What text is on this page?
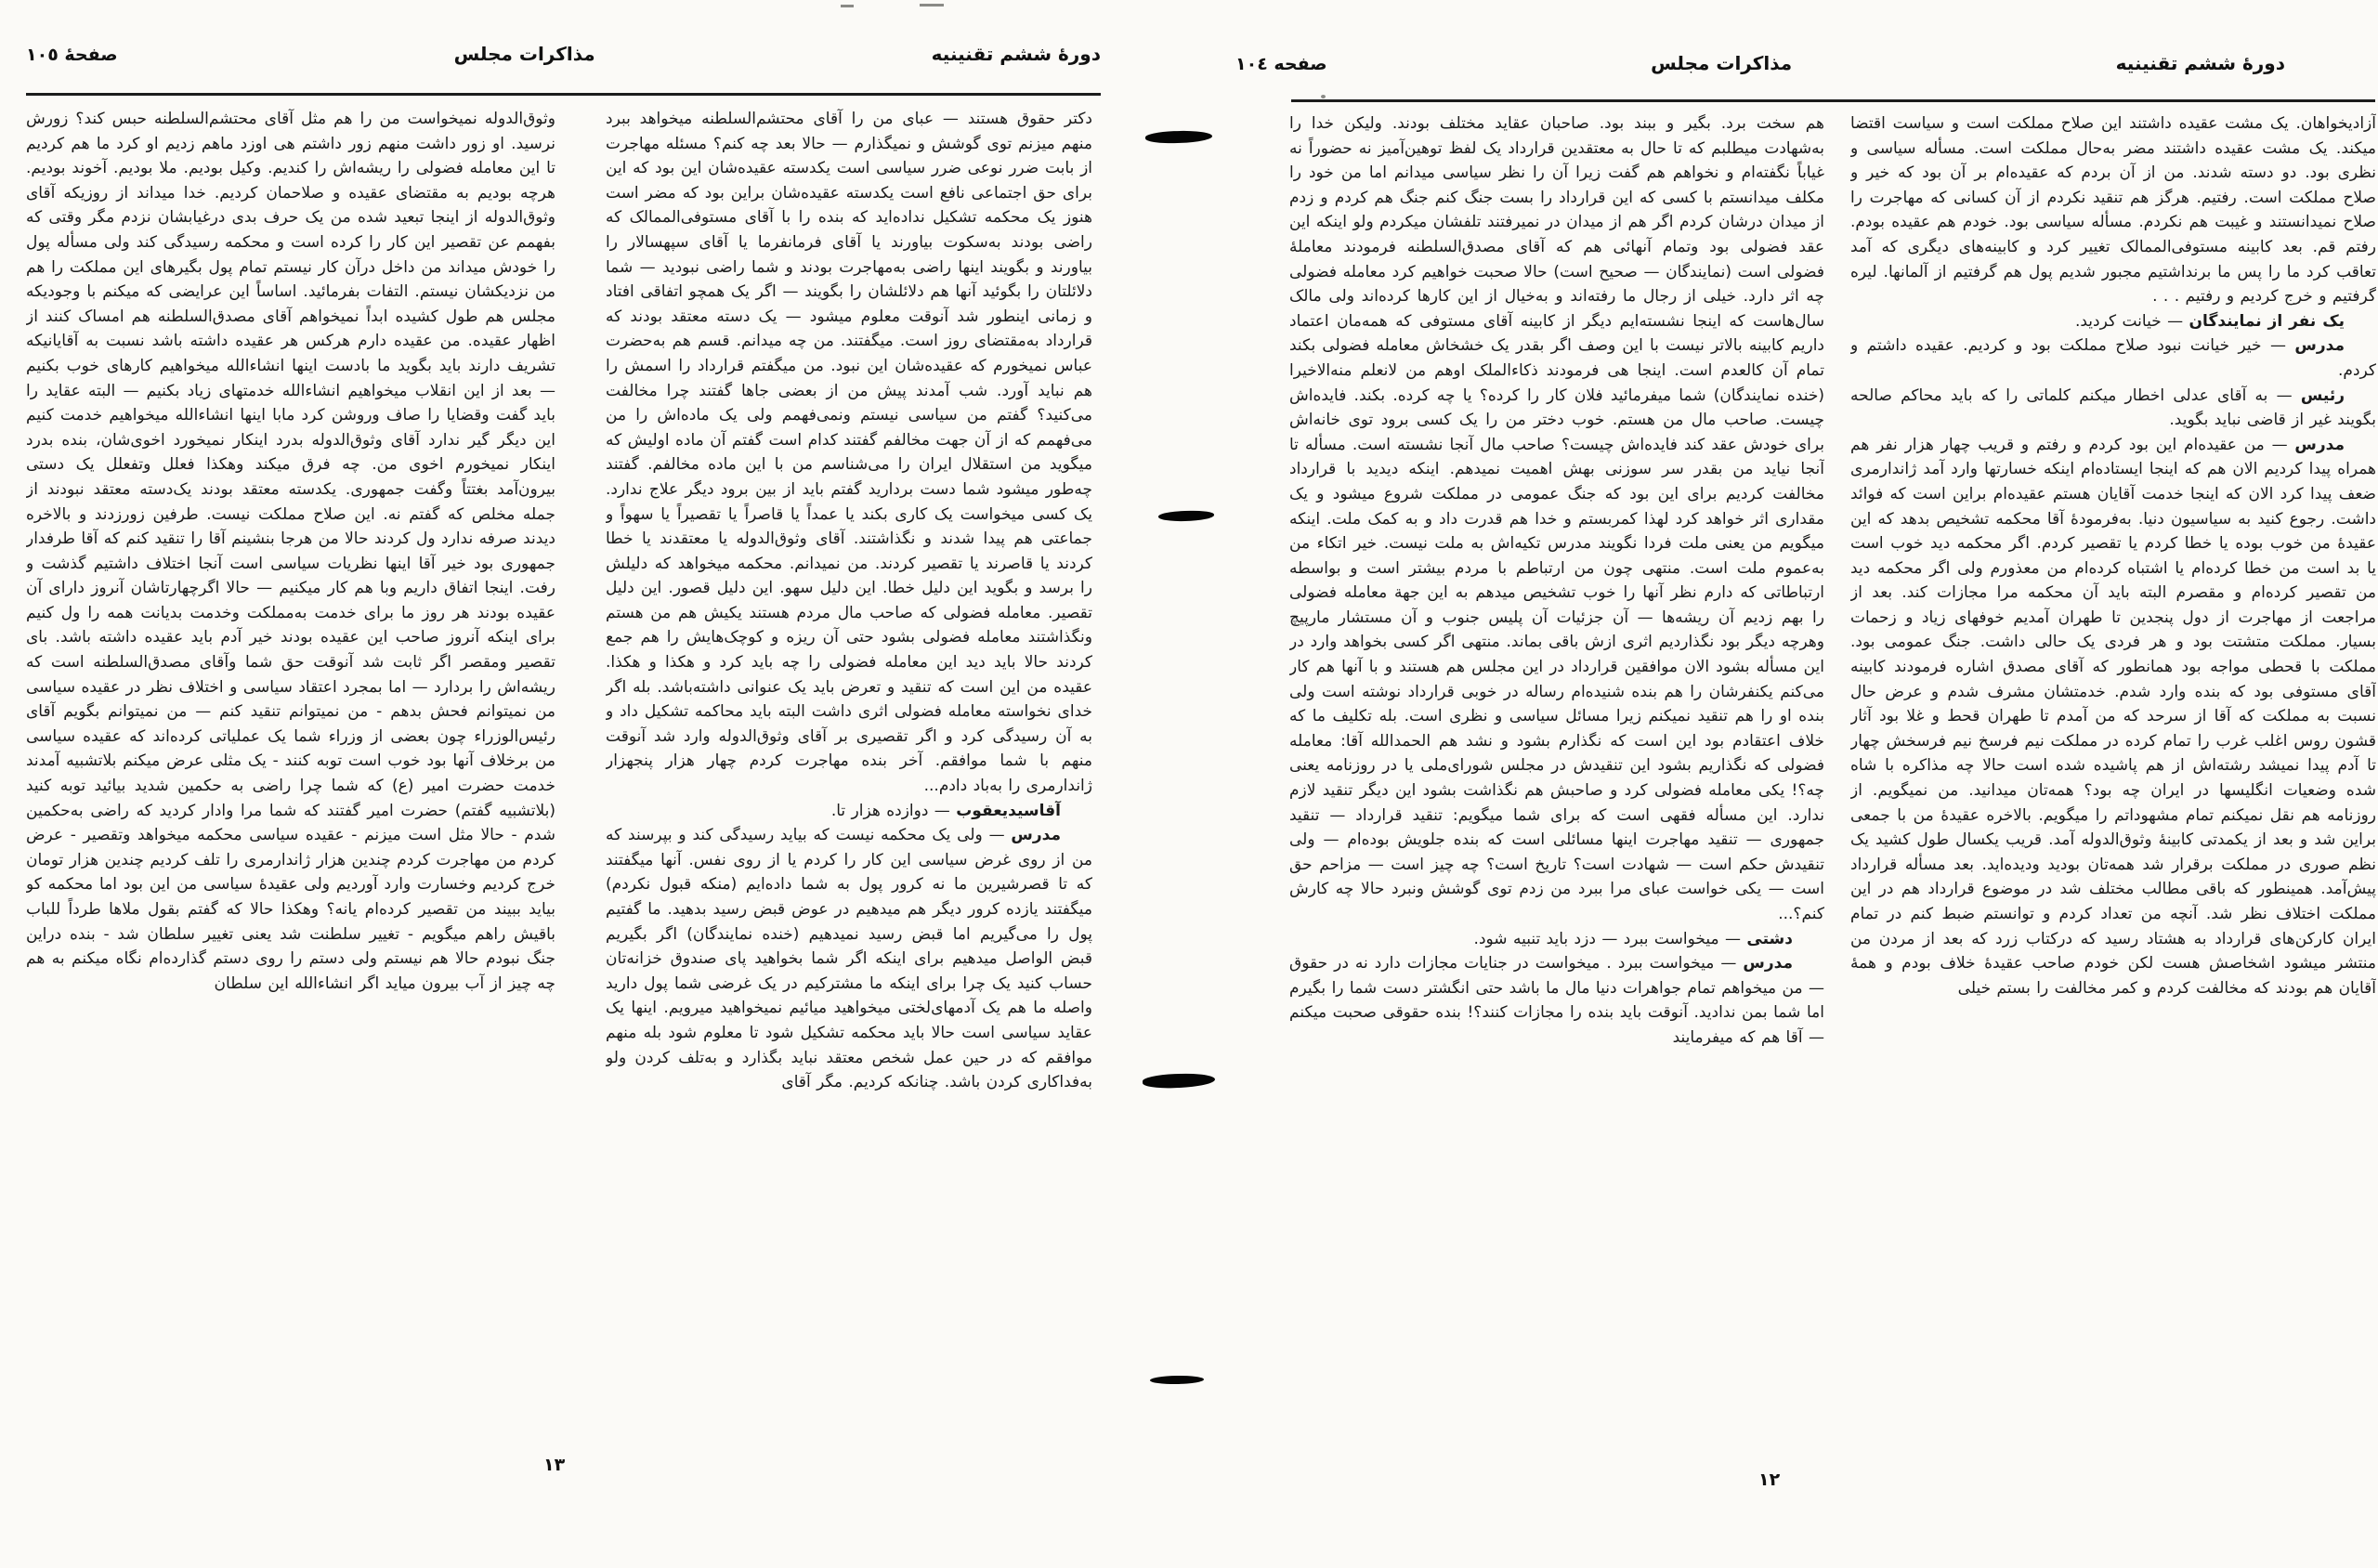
دورهٔ ششم تقنینیه
مذاکرات مجلس
صفحه ١٠٤

آزادیخواهان. یک مشت عقیده داشتند این صلاح مملکت است و سیاست اقتضا میکند. یک مشت عقیده داشتند مضر به‌حال مملکت است. مسأله سیاسی و نظری بود. دو دسته شدند. من از آن بردم که عقیده‌ام بر آن بود که خیر و صلاح مملکت است. رفتیم. هرگز هم تنقید نکردم از آن کسانی که مهاجرت را صلاح نمیدانستند و غیبت هم نکردم. مسأله سیاسی بود. خودم هم عقیده بودم. رفتم قم. بعد کابینه مستوفی‌الممالک تغییر کرد و کابینه‌های دیگری که آمد تعاقب کرد ما را پس ما برنداشتیم مجبور شدیم پول هم گرفتیم از آلمانها. لیره گرفتیم و خرج کردیم و رفتیم . . .

یک نفر از نمایندگان — خیانت کردید.

مدرس — خیر خیانت نبود صلاح مملکت بود و کردیم. عقیده داشتم و کردم.

رئیس — به آقای عدلی اخطار میکنم کلماتی را که باید محاکم صالحه بگویند غیر از قاضی نباید بگوید.

مدرس — من عقیده‌ام این بود کردم و رفتم و قریب چهار هزار نفر هم همراه پیدا کردیم الان هم که اینجا ایستاده‌ام اینکه خسارتها وارد آمد ژاندارمری ضعف پیدا کرد الان که اینجا خدمت آقایان هستم عقیده‌ام براین است که فوائد داشت. رجوع کنید به سیاسیون دنیا. به‌فرمودهٔ آقا محکمه تشخیص بدهد که این عقیدهٔ من خوب بوده یا خطا کردم یا تقصیر کردم. اگر محکمه دید خوب است یا بد است من خطا کرده‌ام یا اشتباه کرده‌ام من معذورم ولی اگر محکمه دید من تقصیر کرده‌ام و مقصرم البته باید آن محکمه مرا مجازات کند. بعد از مراجعت از مهاجرت از دول پنجدین تا طهران آمدیم خوفهای زیاد و زحمات بسیار. مملکت متشتت بود و هر فردی یک حالی داشت. جنگ عمومی بود. مملکت با قحطی مواجه بود همانطور که آقای مصدق اشاره فرمودند کابینه آقای مستوفی بود که بنده وارد شدم. خدمتشان مشرف شدم و عرض حال نسبت به مملکت که آقا از سرحد که من آمدم تا طهران قحط و غلا بود آثار قشون روس اغلب غرب را تمام کرده در مملکت نیم فرسخ نیم فرسخش چهار تا آدم پیدا نمیشد رشته‌اش از هم پاشیده شده است حالا چه مذاکره با شاه شده وضعیات انگلیسها در ایران چه بود؟ همه‌تان میدانید. من نمیگویم. از روزنامه هم نقل نمیکنم تمام مشهوداتم را میگویم. بالاخره عقیدهٔ من با جمعی براین شد و بعد از یکمدتی کابینهٔ وثوق‌الدوله آمد. قریب یکسال طول کشید یک نظم صوری در مملکت برقرار شد همه‌تان بودید ودیده‌اید. بعد مسأله قرارداد پیش‌آمد. همینطور که باقی مطالب مختلف شد در موضوع قرارداد هم در این مملکت اختلاف نظر شد. آنچه من تعداد کردم و توانستم ضبط کنم در تمام ایران کارکن‌های قرارداد به هشتاد رسید که درکتاب زرد که بعد از مردن من منتشر میشود اشخاصش هست لکن خودم صاحب عقیدهٔ خلاف بودم و همهٔ آقایان هم بودند که مخالفت کردم و کمر مخالفت را بستم خیلی

هم سخت برد. بگیر و ببند بود. صاحبان عقاید مختلف بودند. ولیکن خدا را به‌شهادت میطلبم که تا حال به معتقدین قرارداد یک لفظ توهین‌آمیز نه حضوراً نه غیاباً نگفته‌ام و نخواهم هم گفت زیرا آن را نظر سیاسی میدانم اما من خود را مکلف میدانستم با کسی که این قرارداد را بست جنگ کنم جنگ هم کردم و زدم از میدان درشان کردم اگر هم از میدان در نمیرفتند تلفشان میکردم ولو اینکه این عقد فضولی بود وتمام آنهائی هم که آقای مصدق‌السلطنه فرمودند معاملهٔ فضولی است (نمایندگان — صحیح است) حالا صحبت خواهیم کرد معامله فضولی چه اثر دارد. خیلی از رجال ما رفته‌اند و به‌خیال از این کارها کرده‌اند ولی مالک سال‌هاست که اینجا نشسته‌ایم دیگر از کابینه آقای مستوفی که همه‌مان اعتماد داریم کابینه بالاتر نیست با این وصف اگر بقدر یک خشخاش معامله فضولی بکند تمام آن کالعدم است. اینجا هی فرمودند ذکاءالملک اوهم من لانعلم منه‌الاخیرا (خنده نمایندگان) شما میفرمائید فلان کار را کرده؟ یا چه کرده. بکند. فایده‌اش چیست. صاحب مال من هستم. خوب دختر من را یک کسی برود توی خانه‌اش برای خودش عقد کند فایده‌اش چیست؟ صاحب مال آنجا نشسته است. مسأله تا آنجا نیاید من بقدر سر سوزنی بهش اهمیت نمیدهم. اینکه دیدید با قرارداد مخالفت کردیم برای این بود که جنگ عمومی در مملکت شروع میشود و یک مقداری اثر خواهد کرد لهذا کمربستم و خدا هم قدرت داد و به کمک ملت. اینکه میگویم من یعنی ملت فردا نگویند مدرس تکیه‌اش به ملت نیست. خیر اتکاء من به‌عموم ملت است. منتهی چون من ارتباطم با مردم بیشتر است و بواسطه ارتباطاتی که دارم نظر آنها را خوب تشخیص میدهم به این جهة معامله فضولی را بهم زدیم آن ریشه‌ها — آن جزئیات آن پلیس جنوب و آن مستشار مارپیچ وهرچه دیگر بود نگذاردیم اثری ازش باقی بماند. منتهی اگر کسی بخواهد وارد در این مسأله بشود الان موافقین قرارداد در این مجلس هم هستند و با آنها هم کار می‌کنم یکنفرشان را هم بنده شنیده‌ام رساله در خوبی قرارداد نوشته است ولی بنده او را هم تنقید نمیکنم زیرا مسائل سیاسی و نظری است. بله تکلیف ما که خلاف اعتقادم بود این است که نگذارم بشود و نشد هم الحمدالله آقا: معامله فضولی که نگذاریم بشود این تنقیدش در مجلس شورای‌ملی یا در روزنامه یعنی چه؟! یکی معامله فضولی کرد و صاحبش هم نگذاشت بشود این دیگر تنقید لازم ندارد. این مسأله فقهی است که برای شما میگویم: تنقید قرارداد — تنقید جمهوری — تنقید مهاجرت اینها مسائلی است که بنده جلویش بوده‌ام — ولی تنقیدش حکم است — شهادت است؟ تاریخ است؟ چه چیز است — مزاحم حق است — یکی خواست عبای مرا ببرد من زدم توی گوشش ونبرد حالا چه کارش کنم؟...

دشتی — میخواست ببرد — دزد باید تنبیه شود.

مدرس — میخواست ببرد . میخواست در جنایات مجازات دارد نه در حقوق — من میخواهم تمام جواهرات دنیا مال ما باشد حتی انگشتر دست شما را بگیرم اما شما بمن ندادید. آنوقت باید بنده را مجازات کنند؟! بنده حقوقی صحبت میکنم — آقا هم که میفرمایند

١٢
دورهٔ ششم تقنینیه
مذاکرات مجلس
صفحهٔ ١٠٥

دکتر حقوق هستند — عبای من را آقای محتشم‌السلطنه میخواهد ببرد منهم میزنم توی گوشش و نمیگذارم — حالا بعد چه کنم؟ مسئله مهاجرت از بابت ضرر نوعی ضرر سیاسی است یکدسته عقیده‌شان این بود که این برای حق اجتماعی نافع است یکدسته عقیده‌شان براین بود که مضر است هنوز یک محکمه تشکیل نداده‌اید که بنده را با آقای مستوفی‌الممالک که راضی بودند به‌سکوت بیاورند یا آقای فرمانفرما یا آقای سپهسالار را بیاورند و بگویند اینها راضی به‌مهاجرت بودند و شما راضی نبودید — شما دلائلتان را بگوئید آنها هم دلائلشان را بگویند — اگر یک همچو اتفاقی افتاد و زمانی اینطور شد آنوقت معلوم میشود — یک دسته معتقد بودند که قرارداد به‌مقتضای روز است. میگفتند. من چه میدانم. قسم هم به‌حضرت عباس نمیخورم که عقیده‌شان این نبود. من میگفتم قرارداد را اسمش را هم نباید آورد. شب آمدند پیش من از بعضی جاها گفتند چرا مخالفت می‌کنید؟ گفتم من سیاسی نیستم ونمی‌فهمم ولی یک ماده‌اش را من می‌فهمم که از آن جهت مخالفم گفتند کدام است گفتم آن ماده اولیش که میگوید من استقلال ایران را می‌شناسم من با این ماده مخالفم. گفتند چه‌طور میشود شما دست بردارید گفتم باید از بین برود دیگر علاج ندارد. یک کسی میخواست یک کاری بکند یا عمداً یا قاصراً یا تقصیراً یا سهواً و جماعتی هم پیدا شدند و نگذاشتند. آقای وثوق‌الدوله یا معتقدند یا خطا کردند یا قاصرند یا تقصیر کردند. من نمیدانم. محکمه میخواهد که دلیلش را برسد و بگوید این دلیل خطا. این دلیل سهو. این دلیل قصور. این دلیل تقصیر. معامله فضولی که صاحب مال مردم هستند یکیش هم من هستم ونگذاشتند معامله فضولی بشود حتی آن ریزه و کوچک‌هایش را هم جمع کردند حالا باید دید این معامله فضولی را چه باید کرد و هکذا و هکذا. عقیده من این است که تنقید و تعرض باید یک عنوانی داشته‌باشد. بله اگر خدای نخواسته معامله فضولی اثری داشت البته باید محاکمه تشکیل داد و به آن رسیدگی کرد و اگر تقصیری بر آقای وثوق‌الدوله وارد شد آنوقت منهم با شما موافقم. آخر بنده مهاجرت کردم چهار هزار پنجهزار ژاندارمری را به‌باد دادم...

آقاسیدیعقوب — دوازده هزار تا.

مدرس — ولی یک محکمه نیست که بیاید رسیدگی کند و بپرسند که من از روی غرض سیاسی این کار را کردم یا از روی نفس. آنها میگفتند که تا قصرشیرین ما نه کرور پول به شما داده‌ایم (منکه قبول نکردم) میگفتند یازده کرور دیگر هم میدهیم در عوض قبض رسید بدهید. ما گفتیم پول را می‌گیریم اما قبض رسید نمیدهیم (خنده نمایندگان) اگر بگیریم قبض الواصل میدهیم برای اینکه اگر شما بخواهید پای صندوق خزانه‌تان حساب کنید یک چرا برای اینکه ما مشترکیم در یک غرضی شما پول دارید واصله ما هم یک آدمهای‌لختی میخواهید میائیم نمیخواهید میرویم. اینها یک عقاید سیاسی است حالا باید محکمه تشکیل شود تا معلوم شود بله منهم موافقم که در حین عمل شخص معتقد نباید بگذارد و به‌تلف کردن ولو به‌فداکاری کردن باشد. چنانکه کردیم. مگر آقای

وثوق‌الدوله نمیخواست من را هم مثل آقای محتشم‌السلطنه حبس کند؟ زورش نرسید. او زور داشت منهم زور داشتم هی اوزد ماهم زدیم او کرد ما هم کردیم تا این معامله فضولی را ریشه‌اش را کندیم. وکیل بودیم. ملا بودیم. آخوند بودیم. هرچه بودیم به مقتضای عقیده و صلاحمان کردیم. خدا میداند از روزیکه آقای وثوق‌الدوله از اینجا تبعید شده من یک حرف بدی درغیابشان نزدم مگر وقتی که بفهمم عن تقصیر این کار را کرده است و محکمه رسیدگی کند ولی مسأله پول را خودش میداند من داخل درآن کار نیستم تمام پول بگیرهای این مملکت را هم من نزدیکشان نیستم. التفات بفرمائید. اساساً این عرایضی که میکنم با وجودیکه مجلس هم طول کشیده ابداً نمیخواهم آقای مصدق‌السلطنه هم امساک کنند از اظهار عقیده. من عقیده دارم هرکس هر عقیده داشته باشد نسبت به آقایانیکه تشریف دارند باید بگوید ما بادست اینها انشاءالله میخواهیم کارهای خوب بکنیم — بعد از این انقلاب میخواهیم انشاءالله خدمتهای زیاد بکنیم — البته عقاید را باید گفت وقضایا را صاف وروشن کرد مابا اینها انشاءالله میخواهیم خدمت کنیم این دیگر گیر ندارد آقای وثوق‌الدوله بدرد اینکار نمیخورد اخوی‌شان، بنده بدرد اینکار نمیخورم اخوی من. چه فرق میکند وهکذا فعلل وتفعلل یک دستی بیرون‌آمد بغتتاً وگفت جمهوری. یکدسته معتقد بودند یک‌دسته معتقد نبودند از جمله مخلص که گفتم نه. این صلاح مملکت نیست. طرفین زورزدند و بالاخره دیدند صرفه ندارد ول کردند حالا من هرجا بنشینم آقا را تنقید کنم که آقا طرفدار جمهوری بود خیر آقا اینها نظریات سیاسی است آنجا اختلاف داشتیم گذشت و رفت. اینجا اتفاق داریم وبا هم کار میکنیم — حالا اگرچهارتاشان آنروز دارای آن عقیده بودند هر روز ما برای خدمت به‌مملکت وخدمت بدیانت همه را ول کنیم برای اینکه آنروز صاحب این عقیده بودند خیر آدم باید عقیده داشته باشد. بای تقصیر ومقصر اگر ثابت شد آنوقت حق شما وآقای مصدق‌السلطنه است که ریشه‌اش را بردارد — اما بمجرد اعتقاد سیاسی و اختلاف نظر در عقیده سیاسی من نمیتوانم فحش بدهم - من نمیتوانم تنقید کنم — من نمیتوانم بگویم آقای رئیس‌الوزراء چون بعضی از وزراء شما یک عملیاتی کرده‌اند که عقیده سیاسی من برخلاف آنها بود خوب است توبه کنند - یک مثلی عرض میکنم بلاتشبیه آمدند خدمت حضرت امیر (ع) که شما چرا راضی به حکمین شدید بیائید توبه کنید (بلاتشبیه گفتم) حضرت امیر گفتند که شما مرا وادار کردید که راضی به‌حکمین شدم - حالا مثل است میزنم - عقیده سیاسی محکمه میخواهد وتقصیر - عرض کردم من مهاجرت کردم چندین هزار ژاندارمری را تلف کردیم چندین هزار تومان خرج کردیم وخسارت وارد آوردیم ولی عقیدهٔ سیاسی من این بود اما محکمه کو بیاید ببیند من تقصیر کرده‌ام یانه؟ وهکذا حالا که گفتم بقول ملاها طرداً للباب باقیش راهم میگویم - تغییر سلطنت شد یعنی تغییر سلطان شد - بنده دراین جنگ نبودم حالا هم نیستم ولی دستم را روی دستم گذارده‌ام نگاه میکنم به هم چه چیز از آب بیرون میاید اگر انشاءالله این سلطان

١٣
